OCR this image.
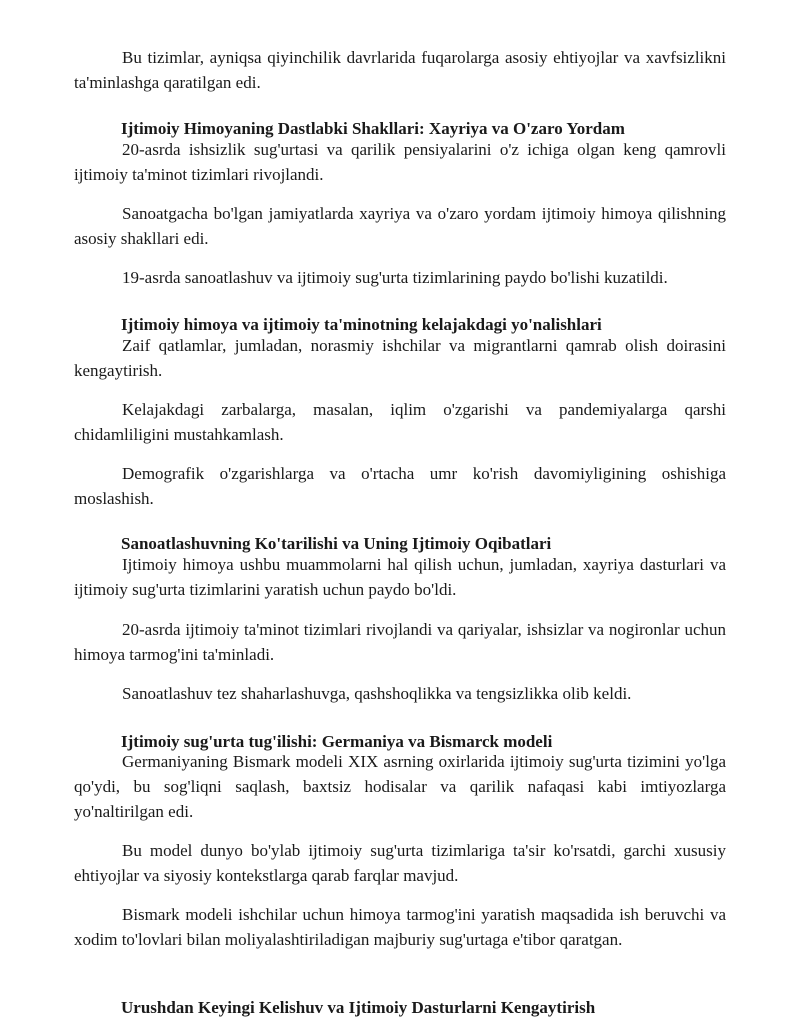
Bu tizimlar, ayniqsa qiyinchilik davrlarida fuqarolarga asosiy ehtiyojlar va xavfsizlikni ta'minlashga qaratilgan edi.

Ijtimoiy Himoyaning Dastlabki Shakllari: Xayriya va O'zaro Yordam

20-asrda ishsizlik sug'urtasi va qarilik pensiyalarini o'z ichiga olgan keng qamrovli ijtimoiy ta'minot tizimlari rivojlandi.

Sanoatgacha bo'lgan jamiyatlarda xayriya va o'zaro yordam ijtimoiy himoya qilishning asosiy shakllari edi.

19-asrda sanoatlashuv va ijtimoiy sug'urta tizimlarining paydo bo'lishi kuzatildi.

Ijtimoiy himoya va ijtimoiy ta'minotning kelajakdagi yo'nalishlari

Zaif qatlamlar, jumladan, norasmiy ishchilar va migrantlarni qamrab olish doirasini kengaytirish.

Kelajakdagi zarbalarga, masalan, iqlim o'zgarishi va pandemiyalarga qarshi chidamliligini mustahkamlash.

Demografik o'zgarishlarga va o'rtacha umr ko'rish davomiyligining oshishiga moslashish.

Sanoatlashuvning Ko'tarilishi va Uning Ijtimoiy Oqibatlari

Ijtimoiy himoya ushbu muammolarni hal qilish uchun, jumladan, xayriya dasturlari va ijtimoiy sug'urta tizimlarini yaratish uchun paydo bo'ldi.

20-asrda ijtimoiy ta'minot tizimlari rivojlandi va qariyalar, ishsizlar va nogironlar uchun himoya tarmog'ini ta'minladi.

Sanoatlashuv tez shaharlashuvga, qashshoqlikka va tengsizlikka olib keldi.

Ijtimoiy sug'urta tug'ilishi: Germaniya va Bismarck modeli

Germaniyaning Bismark modeli XIX asrning oxirlarida ijtimoiy sug'urta tizimini yo'lga qo'ydi, bu sog'liqni saqlash, baxtsiz hodisalar va qarilik nafaqasi kabi imtiyozlarga yo'naltirilgan edi.

Bu model dunyo bo'ylab ijtimoiy sug'urta tizimlariga ta'sir ko'rsatdi, garchi xususiy ehtiyojlar va siyosiy kontekstlarga qarab farqlar mavjud.

Bismark modeli ishchilar uchun himoya tarmog'ini yaratish maqsadida ish beruvchi va xodim to'lovlari bilan moliyalashtiriladigan majburiy sug'urtaga e'tibor qaratgan.

Urushdan Keyingi Kelishuv va Ijtimoiy Dasturlarni Kengaytirish
